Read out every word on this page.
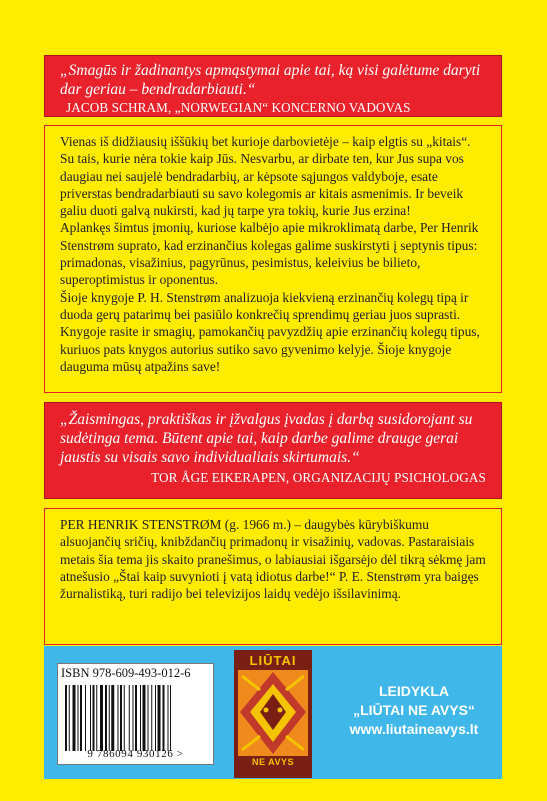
„Smagūs ir žadinantys apmąstymai apie tai, ką visi galėtume daryti dar geriau – bendradarbiauti.“
JACOB SCHRAM, „NORWEGIAN“ KONCERNO VADOVAS

Vienas iš didžiausių iššūkių bet kurioje darbovietėje – kaip elgtis su „kitais“. Su tais, kurie nėra tokie kaip Jūs. Nesvarbu, ar dirbate ten, kur Jus supa vos daugiau nei saujelė bendradarbių, ar kėpsote sąjungos valdyboje, esate priverstas bendradarbiauti su savo kolegomis ar kitais asmenimis. Ir beveik galiu duoti galvą nukirsti, kad jų tarpe yra tokių, kurie Jus erzina!

Aplankęs šimtus įmonių, kuriose kalbėjo apie mikroklimatą darbe, Per Henrik Stenstrøm suprato, kad erzinančius kolegas galime suskirstyti į septynis tipus: primadonas, visažinius, pagyrūnus, pesimistus, keleivius be bilieto, superoptimistus ir oponentus.

Šioje knygoje P. H. Stenstrøm analizuoja kiekvieną erzinančių kolegų tipą ir duoda gerų patarimų bei pasiūlo konkrečių sprendimų geriau juos suprasti. Knygoje rasite ir smagių, pamokančių pavyzdžių apie erzinančių kolegų tipus, kuriuos pats knygos autorius sutiko savo gyvenimo kelyje. Šioje knygoje dauguma mūsų atpažins save!

„Žaismingas, praktiškas ir įžvalgus įvadas į darbą susidorojant su sudėtinga tema. Būtent apie tai, kaip darbe galime drauge gerai jaustis su visais savo individualiais skirtumais.“
TOR ÅGE EIKERAPEN, ORGANIZACIJŲ PSICHOLOGAS

PER HENRIK STENSTRØM (g. 1966 m.) – daugybės kūrybiškumu alsuojančių sričių, knibždančių primadonų ir visažinių, vadovas. Pastaraisiais metais šia tema jis skaito pranešimus, o labiausiai išgarsėjo dėl tikrą sėkmę jam atnešusio „Štai kaip suvynioti į vatą idiotus darbe!“ P. E. Stenstrøm yra baigęs žurnalistiką, turi radijo bei televizijos laidų vedėjo išsilavinimą.

ISBN 978-609-493-012-6
9 786094 930126 >
LIŪTAI
NE AVYS
LEIDYKLA
„LIŪTAI NE AVYS“
www.liutaineavys.lt
